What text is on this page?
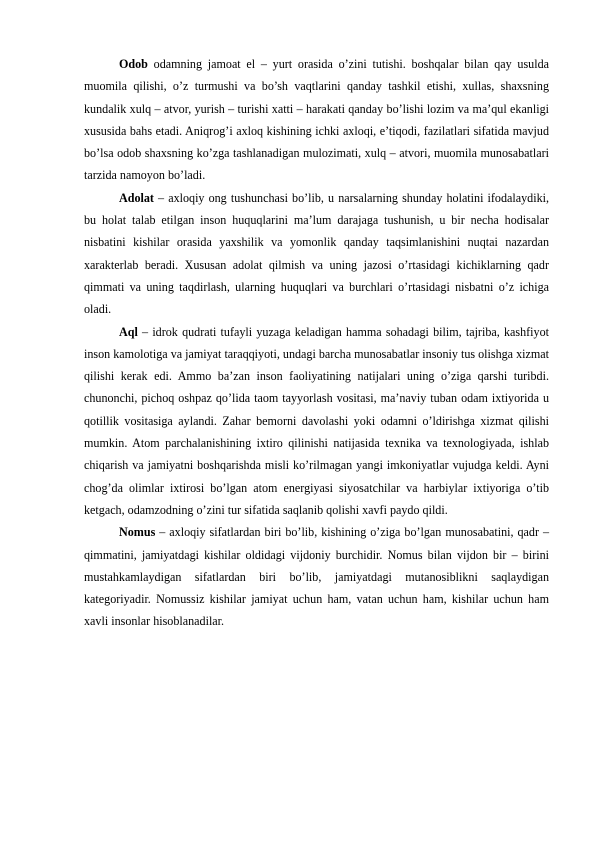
Odob odamning jamoat el – yurt orasida o’zini tutishi. boshqalar bilan qay usulda muomila qilishi, o’z turmushi va bo’sh vaqtlarini qanday tashkil etishi, xullas, shaxsning kundalik xulq – atvor, yurish – turishi xatti – harakati qanday bo’lishi lozim va ma’qul ekanligi xususida bahs etadi. Aniqrog’i axloq kishining ichki axloqi, e’tiqodi, fazilatlari sifatida mavjud bo’lsa odob shaxsning ko’zga tashlanadigan mulozimati, xulq – atvori, muomila munosabatlari tarzida namoyon bo’ladi.

Adolat – axloqiy ong tushunchasi bo’lib, u narsalarning shunday holatini ifodalaydiki, bu holat talab etilgan inson huquqlarini ma’lum darajaga tushunish, u bir necha hodisalar nisbatini kishilar orasida yaxshilik va yomonlik qanday taqsimlanishini nuqtai nazardan xarakterlab beradi. Xususan adolat qilmish va uning jazosi o’rtasidagi kichiklarning qadr qimmati va uning taqdirlash, ularning huquqlari va burchlari o’rtasidagi nisbatni o’z ichiga oladi.

Aql – idrok qudrati tufayli yuzaga keladigan hamma sohadagi bilim, tajriba, kashfiyot inson kamolotiga va jamiyat taraqqiyoti, undagi barcha munosabatlar insoniy tus olishga xizmat qilishi kerak edi. Ammo ba’zan inson faoliyatining natijalari uning o’ziga qarshi turibdi. chunonchi, pichoq oshpaz qo’lida taom tayyorlash vositasi, ma’naviy tuban odam ixtiyorida u qotillik vositasiga aylandi. Zahar bemorni davolashi yoki odamni o’ldirishga xizmat qilishi mumkin. Atom parchalanishining ixtiro qilinishi natijasida texnika va texnologiyada, ishlab chiqarish va jamiyatni boshqarishda misli ko’rilmagan yangi imkoniyatlar vujudga keldi. Ayni chog’da olimlar ixtirosi bo’lgan atom energiyasi siyosatchilar va harbiylar ixtiyoriga o’tib ketgach, odamzodning o’zini tur sifatida saqlanib qolishi xavfi paydo qildi.

Nomus – axloqiy sifatlardan biri bo’lib, kishining o’ziga bo’lgan munosabatini, qadr – qimmatini, jamiyatdagi kishilar oldidagi vijdoniy burchidir. Nomus bilan vijdon bir – birini mustahkamlaydigan sifatlardan biri bo’lib, jamiyatdagi mutanosiblikni saqlaydigan kategoriyadir. Nomussiz kishilar jamiyat uchun ham, vatan uchun ham, kishilar uchun ham xavli insonlar hisoblanadilar.
